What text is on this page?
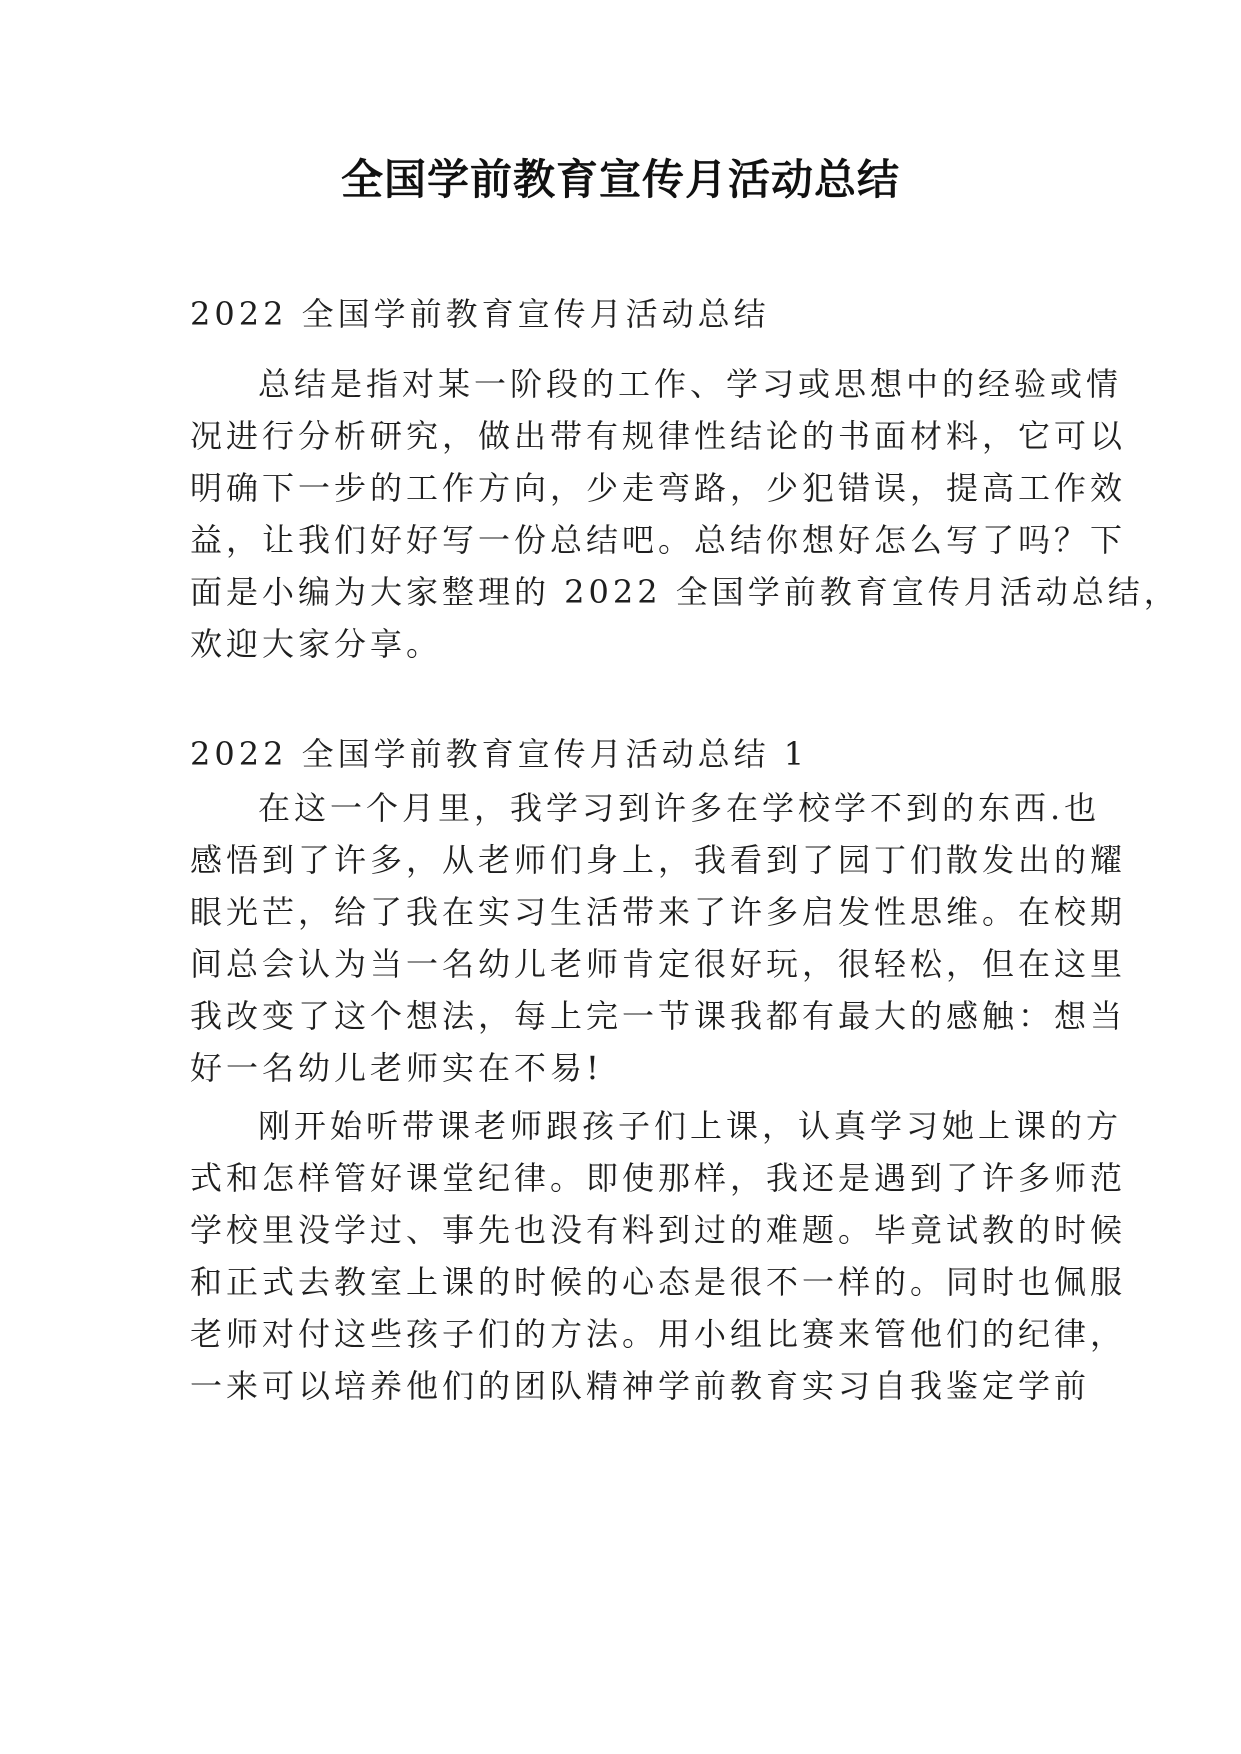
全国学前教育宣传月活动总结

2022 全国学前教育宣传月活动总结

总结是指对某一阶段的工作、学习或思想中的经验或情

况进行分析研究，做出带有规律性结论的书面材料，它可以

明确下一步的工作方向，少走弯路，少犯错误，提高工作效

益，让我们好好写一份总结吧。总结你想好怎么写了吗？下

面是小编为大家整理的 2022 全国学前教育宣传月活动总结，

欢迎大家分享。

2022 全国学前教育宣传月活动总结 1

在这一个月里，我学习到许多在学校学不到的东西.也

感悟到了许多，从老师们身上，我看到了园丁们散发出的耀

眼光芒，给了我在实习生活带来了许多启发性思维。在校期

间总会认为当一名幼儿老师肯定很好玩，很轻松，但在这里

我改变了这个想法，每上完一节课我都有最大的感触：想当

好一名幼儿老师实在不易!

刚开始听带课老师跟孩子们上课，认真学习她上课的方

式和怎样管好课堂纪律。即使那样，我还是遇到了许多师范

学校里没学过、事先也没有料到过的难题。毕竟试教的时候

和正式去教室上课的时候的心态是很不一样的。同时也佩服

老师对付这些孩子们的方法。用小组比赛来管他们的纪律，

一来可以培养他们的团队精神学前教育实习自我鉴定学前
